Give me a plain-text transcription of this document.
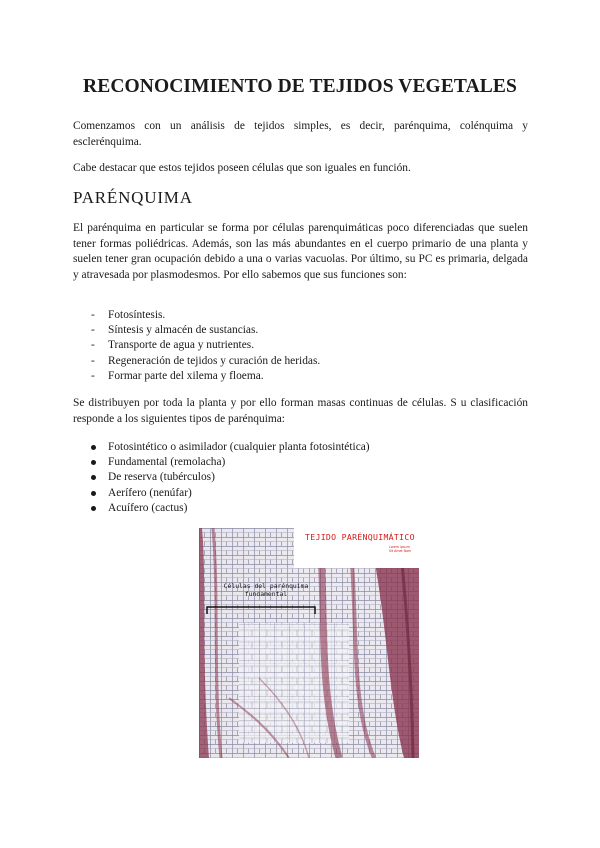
RECONOCIMIENTO DE TEJIDOS VEGETALES

Comenzamos con un análisis de tejidos simples, es decir, parénquima, colénquima y esclerénquima.

Cabe destacar que estos tejidos poseen células que son iguales en función.

PARÉNQUIMA

El parénquima en particular se forma por células parenquimáticas poco diferenciadas que suelen tener formas poliédricas. Además, son las más abundantes en el cuerpo primario de una planta y suelen tener gran ocupación debido a una o varias vacuolas. Por último, su PC es primaria, delgada y atravesada por plasmodesmos. Por ello sabemos que sus funciones son:

- Fotosíntesis.
- Síntesis y almacén de sustancias.
- Transporte de agua y nutrientes.
- Regeneración de tejidos y curación de heridas.
- Formar parte del xilema y floema.

Se distribuyen por toda la planta y por ello forman masas continuas de células. S u clasificación responde a los siguientes tipos de parénquima:

Fotosintético o asimilador (cualquier planta fotosintética)
Fundamental (remolacha)
De reserva (tubérculos)
Aerífero (nenúfar)
Acuífero (cactus)
TEJIDO PARÉNQUIMÁTICO
Lorem ipsum
Sit Amet Nam
Células del parénquima
fundamental
